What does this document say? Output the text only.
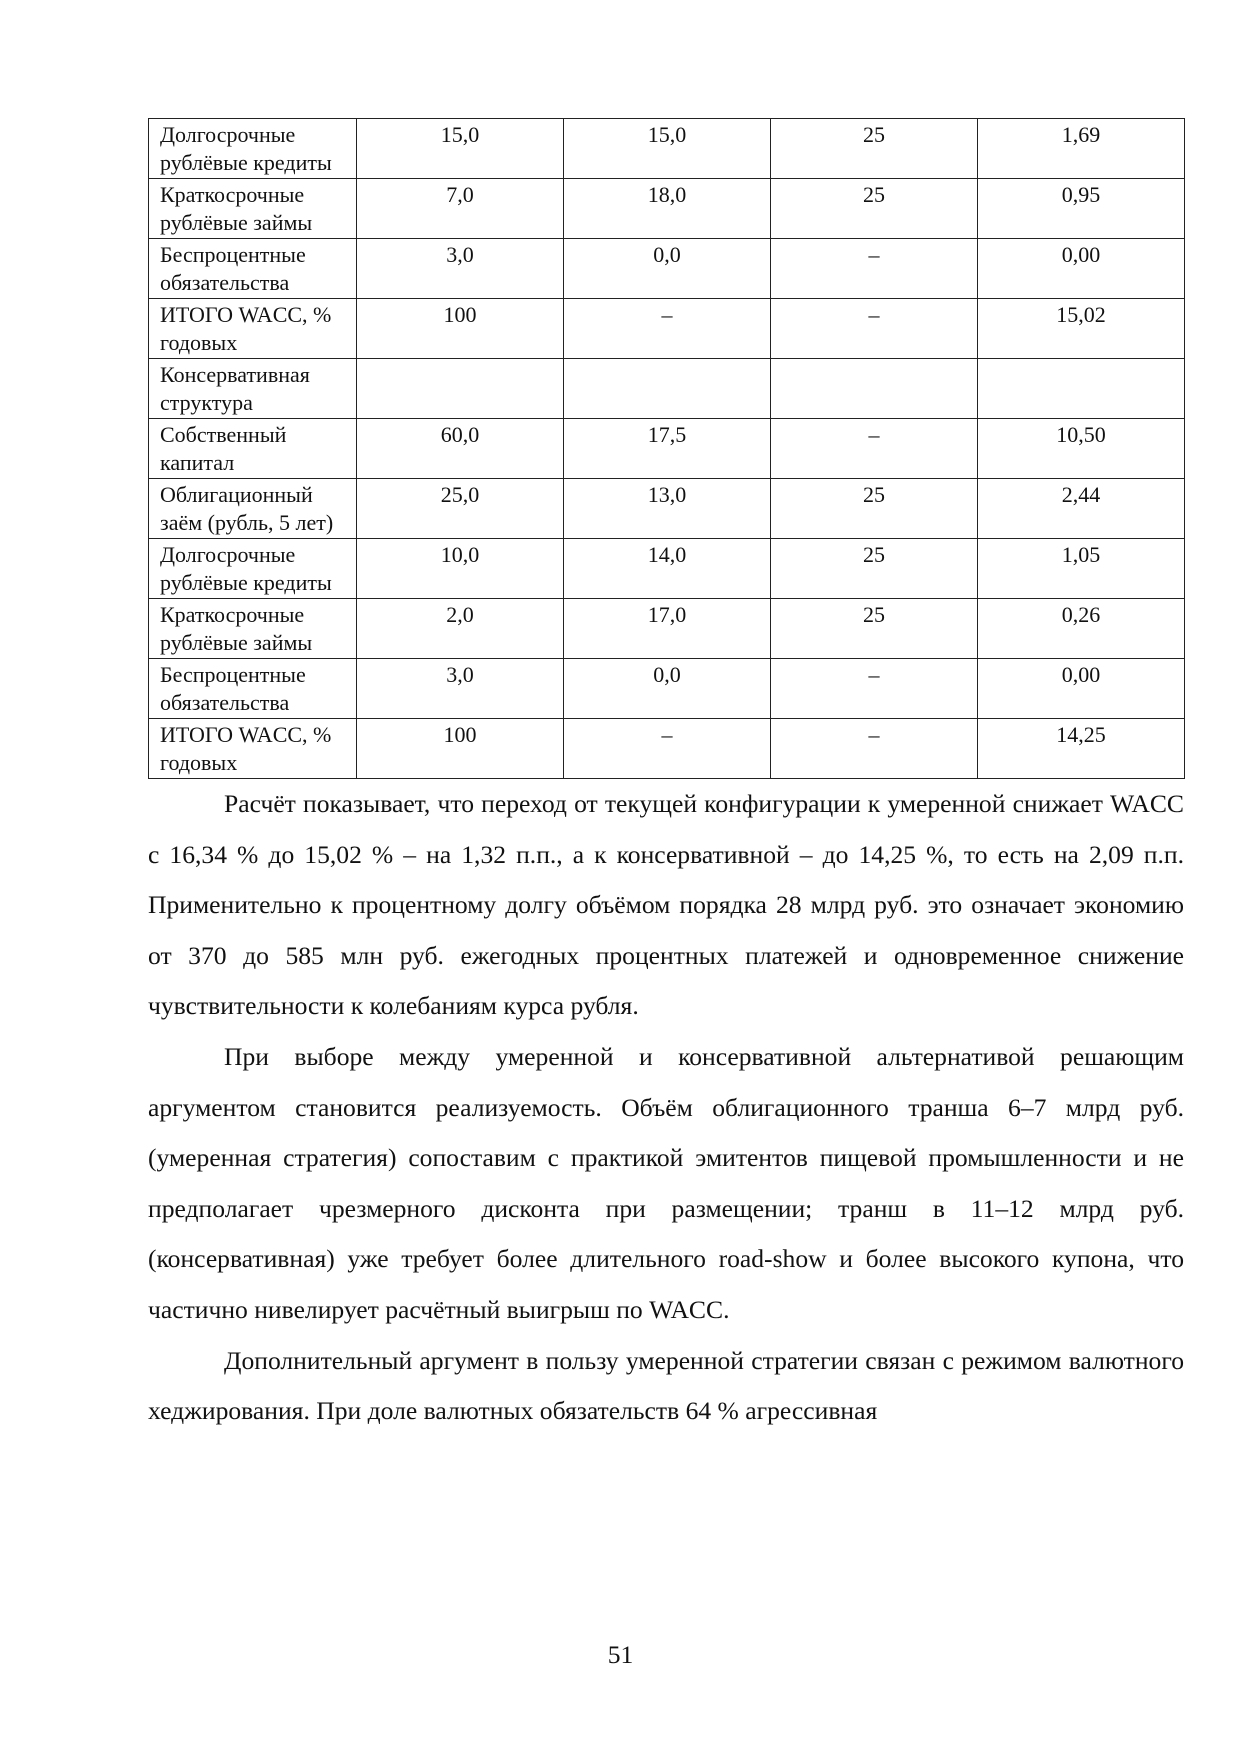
Долгосрочные рублёвые кредиты	15,0	15,0	25	1,69
Краткосрочные рублёвые займы	7,0	18,0	25	0,95
Беспроцентные обязательства	3,0	0,0	–	0,00
ИТОГО WACC, % годовых	100	–	–	15,02
Консервативная структура				
Собственный капитал	60,0	17,5	–	10,50
Облигационный заём (рубль, 5 лет)	25,0	13,0	25	2,44
Долгосрочные рублёвые кредиты	10,0	14,0	25	1,05
Краткосрочные рублёвые займы	2,0	17,0	25	0,26
Беспроцентные обязательства	3,0	0,0	–	0,00
ИТОГО WACC, % годовых	100	–	–	14,25

Расчёт показывает, что переход от текущей конфигурации к умеренной снижает WACC с 16,34 % до 15,02 % – на 1,32 п.п., а к консервативной – до 14,25 %, то есть на 2,09 п.п. Применительно к процентному долгу объёмом порядка 28 млрд руб. это означает экономию от 370 до 585 млн руб. ежегодных процентных платежей и одновременное снижение чувствительности к колебаниям курса рубля.

При выборе между умеренной и консервативной альтернативой решающим аргументом становится реализуемость. Объём облигационного транша 6–7 млрд руб. (умеренная стратегия) сопоставим с практикой эмитентов пищевой промышленности и не предполагает чрезмерного дисконта при размещении; транш в 11–12 млрд руб. (консервативная) уже требует более длительного road-show и более высокого купона, что частично нивелирует расчётный выигрыш по WACC.

Дополнительный аргумент в пользу умеренной стратегии связан с режимом валютного хеджирования. При доле валютных обязательств 64 % агрессивная

51
